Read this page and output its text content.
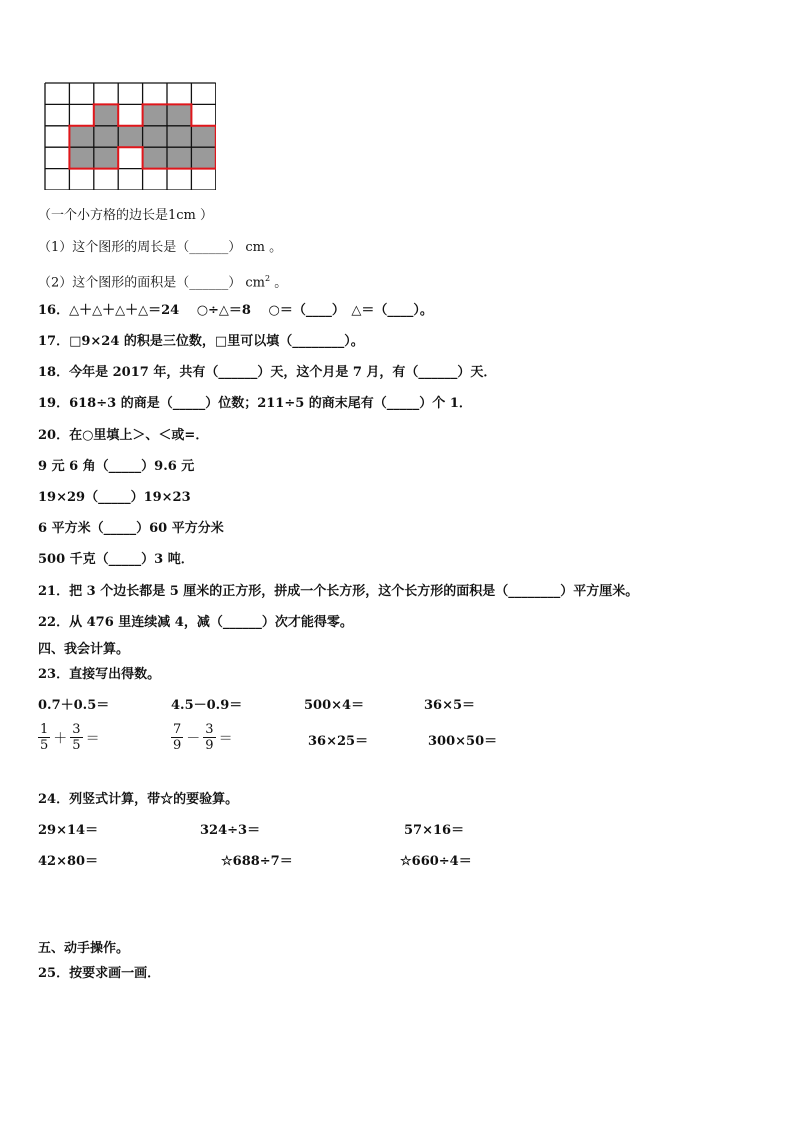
（一个小方格的边长是1cm ）
（1）这个图形的周长是（______） cm 。
（2）这个图形的面积是（______） $cm^2$ 。
16．△＋△＋△＋△＝24　 ○÷△＝8　 ○＝（____）　△＝（____）。
17．□9×24 的积是三位数，□里可以填（________）。
18．今年是 2017 年，共有（______）天，这个月是 7 月，有（______）天．
19．618÷3 的商是（_____）位数；211÷5 的商末尾有（_____）个 1．
20．在○里填上＞、＜或=．
9 元 6 角（_____）9.6 元
19×29（_____）19×23
6 平方米（_____）60 平方分米
500 千克（_____）3 吨．
21．把 3 个边长都是 5 厘米的正方形，拼成一个长方形，这个长方形的面积是（________）平方厘米。
22．从 476 里连续减 4，减（______）次才能得零。
四、我会计算。
23．直接写出得数。
0.7＋0.5＝	4.5－0.9＝	500×4＝	36×5＝
$\frac{1}{5} + \frac{3}{5}$ ＝	$\frac{7}{9} - \frac{3}{9}$ ＝	36×25＝	300×50＝
24．列竖式计算，带☆的要验算。
29×14＝	324÷3＝	57×16＝
42×80＝	☆688÷7＝	☆660÷4＝
五、动手操作。
25．按要求画一画．
